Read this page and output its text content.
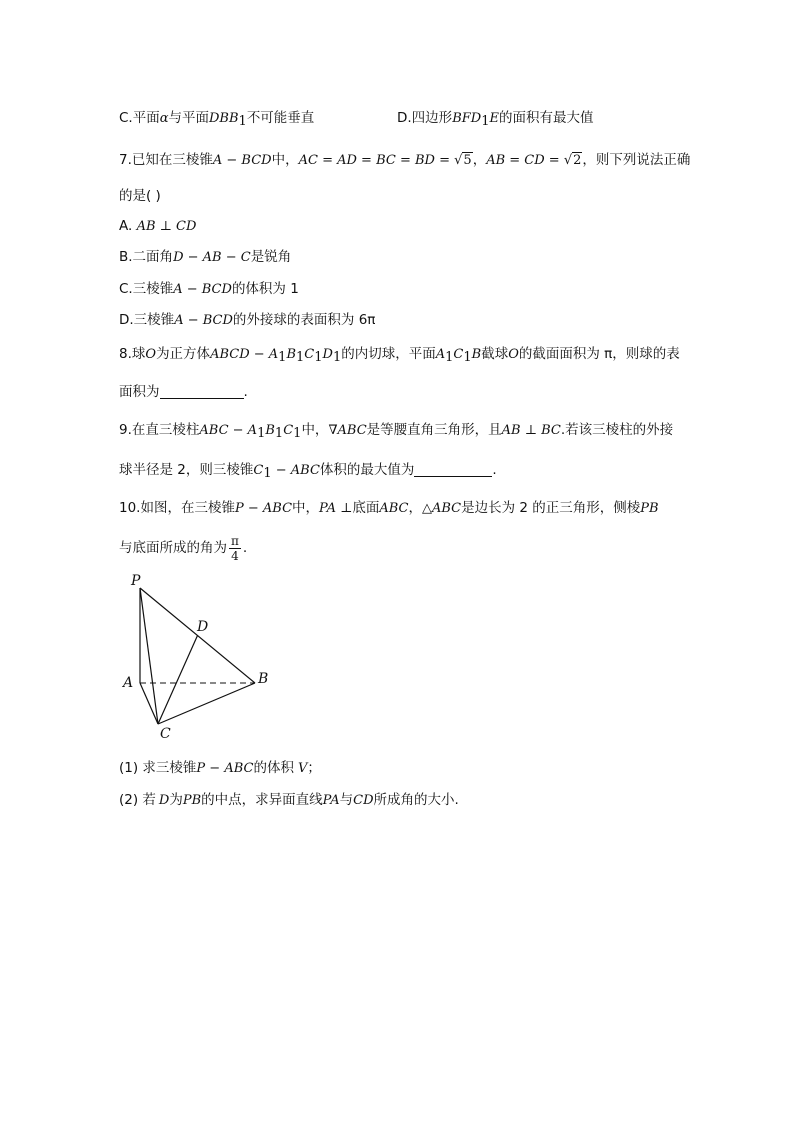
C.平面α与平面$DBB_1$不可能垂直	D.四边形$BFD_1E$的面积有最大值
7.已知在三棱锥A − BCD中，AC = AD = BC = BD = √5，AB = CD = √2，则下列说法正确
的是( )
A. AB ⊥ CD
B.二面角D − AB − C是锐角
C.三棱锥A − BCD的体积为 1
D.三棱锥A − BCD的外接球的表面积为 6π
8.球O为正方体ABCD − $A_1B_1C_1D_1$的内切球，平面$A_1C_1B$截球O的截面面积为 π，则球的表
面积为	.
9.在直三棱柱ABC − $A_1B_1C_1$中，∇ABC是等腰直角三角形，且AB ⊥ BC.若该三棱柱的外接
球半径是 2，则三棱锥$C_1$ − ABC体积的最大值为	.
10.如图，在三棱锥P − ABC中，PA ⊥底面ABC，△ABC是边长为 2 的正三角形，侧棱PB
与底面所成的角为 $\frac{\pi}{4}$ .
P
D
A	B
C
(1) 求三棱锥P − ABC的体积 V；
(2) 若 D为PB的中点，求异面直线PA与CD所成角的大小.
